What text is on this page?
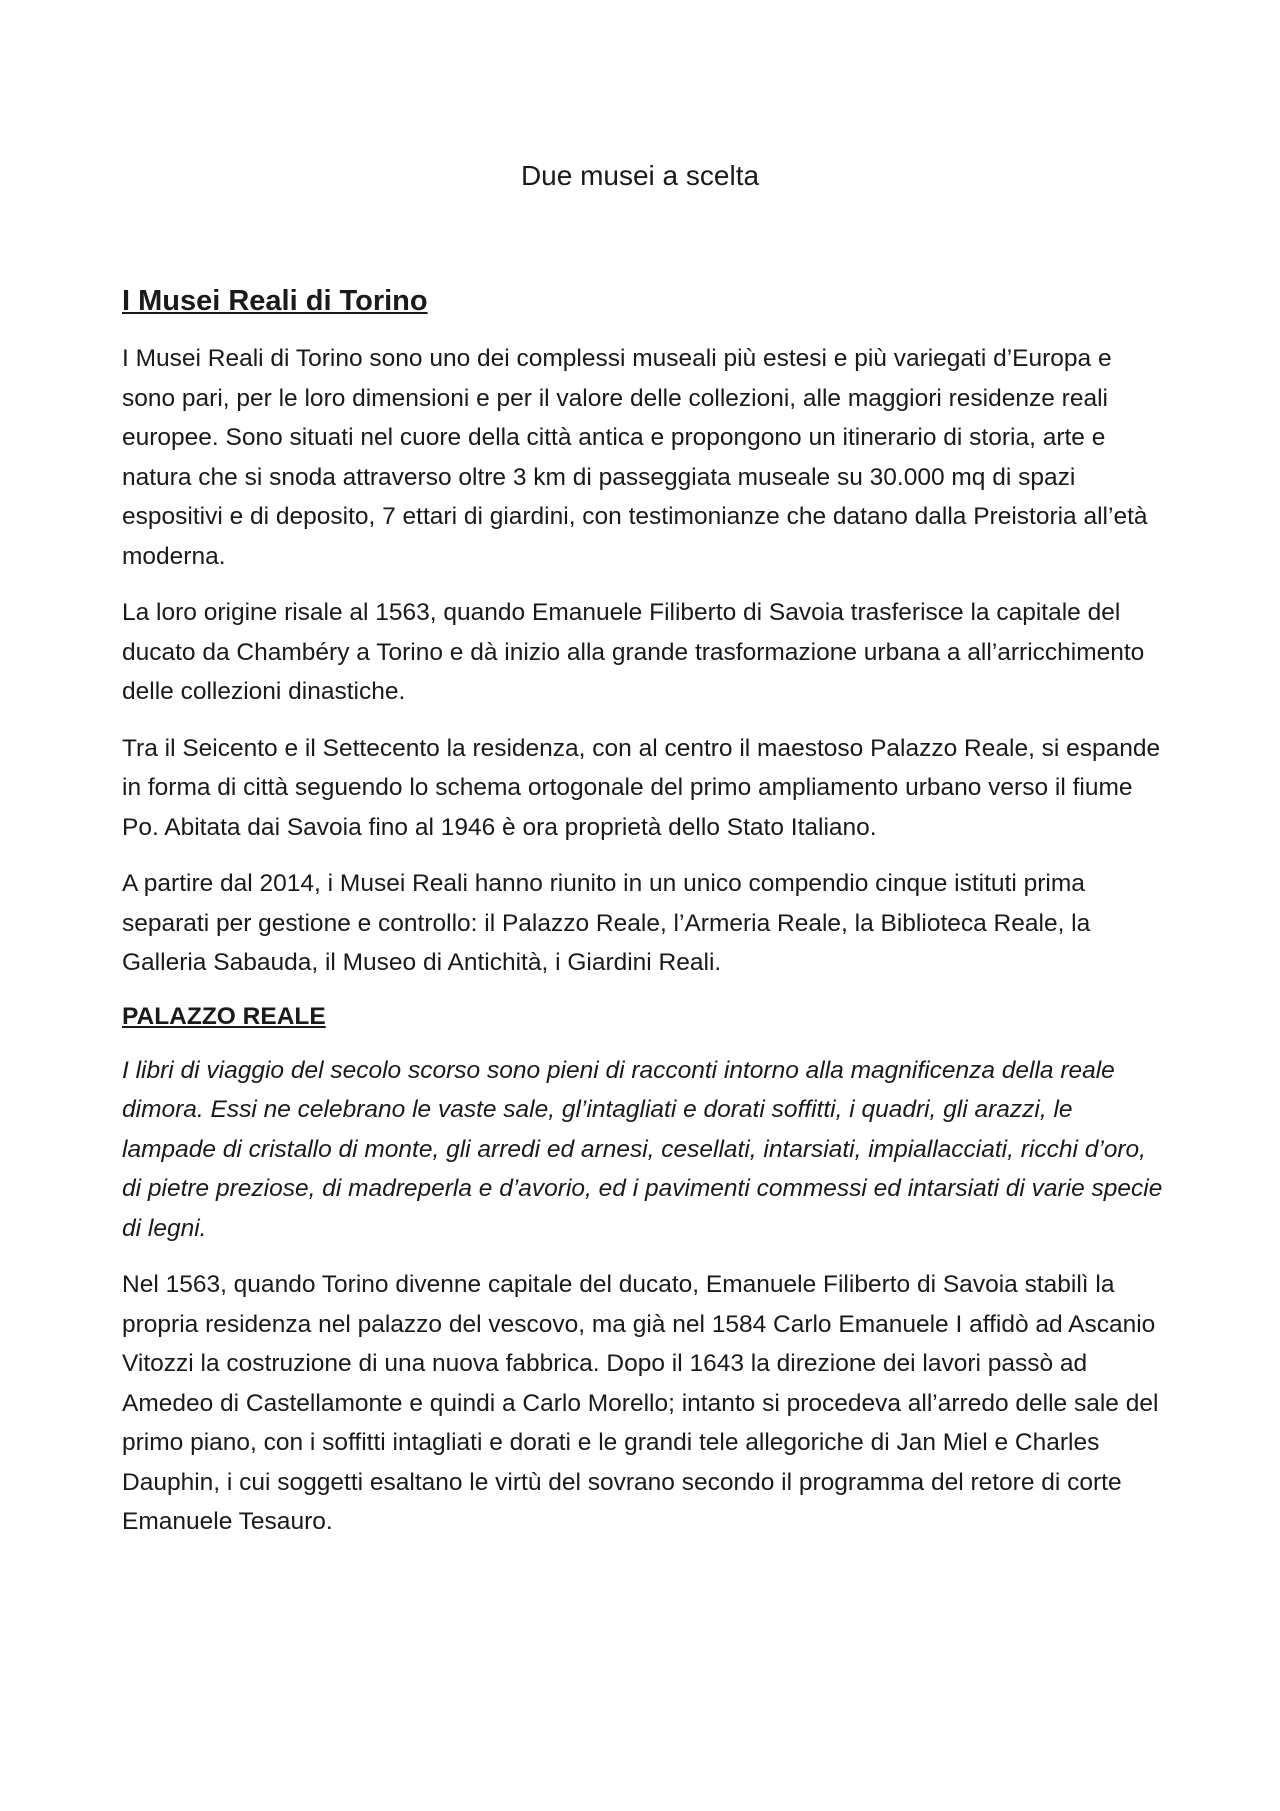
Due musei a scelta
I Musei Reali di Torino

I Musei Reali di Torino sono uno dei complessi museali più estesi e più variegati d’Europa e sono pari, per le loro dimensioni e per il valore delle collezioni, alle maggiori residenze reali europee. Sono situati nel cuore della città antica e propongono un itinerario di storia, arte e natura che si snoda attraverso oltre 3 km di passeggiata museale su 30.000 mq di spazi espositivi e di deposito, 7 ettari di giardini, con testimonianze che datano dalla Preistoria all’età moderna.

La loro origine risale al 1563, quando Emanuele Filiberto di Savoia trasferisce la capitale del ducato da Chambéry a Torino e dà inizio alla grande trasformazione urbana a all’arricchimento delle collezioni dinastiche.

Tra il Seicento e il Settecento la residenza, con al centro il maestoso Palazzo Reale, si espande in forma di città seguendo lo schema ortogonale del primo ampliamento urbano verso il fiume Po. Abitata dai Savoia fino al 1946 è ora proprietà dello Stato Italiano.

A partire dal 2014, i Musei Reali hanno riunito in un unico compendio cinque istituti prima separati per gestione e controllo: il Palazzo Reale, l’Armeria Reale, la Biblioteca Reale, la Galleria Sabauda, il Museo di Antichità, i Giardini Reali.

PALAZZO REALE

I libri di viaggio del secolo scorso sono pieni di racconti intorno alla magnificenza della reale dimora. Essi ne celebrano le vaste sale, gl’intagliati e dorati soffitti, i quadri, gli arazzi, le lampade di cristallo di monte, gli arredi ed arnesi, cesellati, intarsiati, impiallacciati, ricchi d’oro, di pietre preziose, di madreperla e d’avorio, ed i pavimenti commessi ed intarsiati di varie specie di legni.

Nel 1563, quando Torino divenne capitale del ducato, Emanuele Filiberto di Savoia stabilì la propria residenza nel palazzo del vescovo, ma già nel 1584 Carlo Emanuele I affidò ad Ascanio Vitozzi la costruzione di una nuova fabbrica. Dopo il 1643 la direzione dei lavori passò ad Amedeo di Castellamonte e quindi a Carlo Morello; intanto si procedeva all’arredo delle sale del primo piano, con i soffitti intagliati e dorati e le grandi tele allegoriche di Jan Miel e Charles Dauphin, i cui soggetti esaltano le virtù del sovrano secondo il programma del retore di corte Emanuele Tesauro.
